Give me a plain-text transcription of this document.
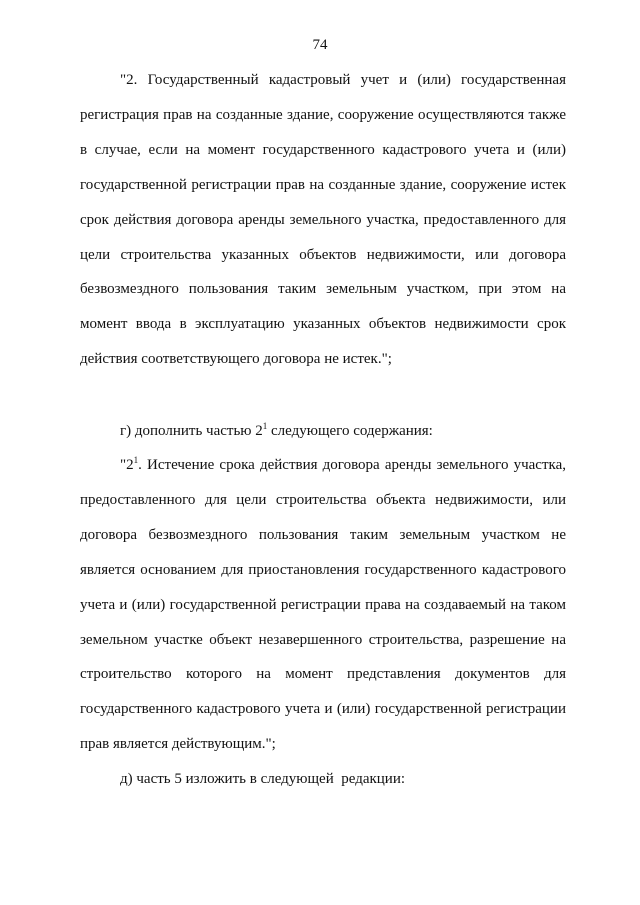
74

"2. Государственный кадастровый учет и (или) государственная регистрация прав на созданные здание, сооружение осуществляются также в случае, если на момент государственного кадастрового учета и (или) государственной регистрации прав на созданные здание, сооружение истек срок действия договора аренды земельного участка, предоставленного для цели строительства указанных объектов недвижимости, или договора безвозмездного пользования таким земельным участком, при этом на момент ввода в эксплуатацию указанных объектов недвижимости срок действия соответствующего договора не истек.";

г) дополнить частью $2^1$ следующего содержания:

"$2^1$. Истечение срока действия договора аренды земельного участка, предоставленного для цели строительства объекта недвижимости, или договора безвозмездного пользования таким земельным участком не является основанием для приостановления государственного кадастрового учета и (или) государственной регистрации права на создаваемый на таком земельном участке объект незавершенного строительства, разрешение на строительство которого на момент представления документов для государственного кадастрового учета и (или) государственной регистрации прав является действующим.";

д) часть 5 изложить в следующей  редакции:
